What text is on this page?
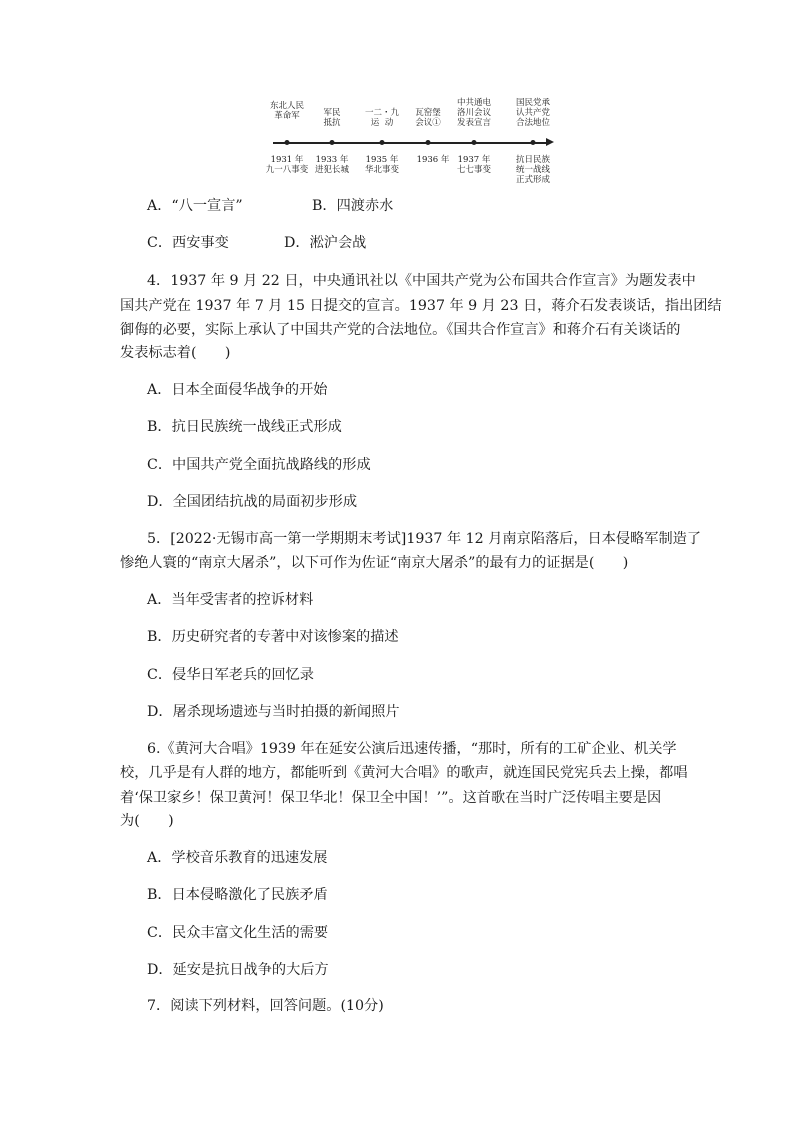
东北人民
革命军	军民
抵抗
一二・九
运  动
瓦窑堡
会议①
中共通电
洛川会议
发表宣言
国民党承
认共产党
合法地位
1931 年
九一八事变
1933 年
进犯长城
1935 年
华北事变
1936 年 1937 年
七七事变
抗日民族
统一战线
正式形成
A．“八一宣言”	B．四渡赤水
C．西安事变	D．淞沪会战
4．1937 年 9 月 22 日，中央通讯社以《中国共产党为公布国共合作宣言》为题发表中
国共产党在 1937 年 7 月 15 日提交的宣言。1937 年 9 月 23 日，蒋介石发表谈话，指出团结
御侮的必要，实际上承认了中国共产党的合法地位。《国共合作宣言》和蒋介石有关谈话的
发表标志着(　　)
A．日本全面侵华战争的开始
B．抗日民族统一战线正式形成
C．中国共产党全面抗战路线的形成
D．全国团结抗战的局面初步形成
5．[2022·无锡市高一第一学期期末考试]1937 年 12 月南京陷落后，日本侵略军制造了
惨绝人寰的“南京大屠杀”，以下可作为佐证“南京大屠杀”的最有力的证据是(　　)
A．当年受害者的控诉材料
B．历史研究者的专著中对该惨案的描述
C．侵华日军老兵的回忆录
D．屠杀现场遗迹与当时拍摄的新闻照片
6.《黄河大合唱》1939 年在延安公演后迅速传播，“那时，所有的工矿企业、机关学
校，几乎是有人群的地方，都能听到《黄河大合唱》的歌声，就连国民党宪兵去上操，都唱
着‘保卫家乡！保卫黄河！保卫华北！保卫全中国！’”。这首歌在当时广泛传唱主要是因
为(　　)
A．学校音乐教育的迅速发展
B．日本侵略激化了民族矛盾
C．民众丰富文化生活的需要
D．延安是抗日战争的大后方
7．阅读下列材料，回答问题。(10分)
